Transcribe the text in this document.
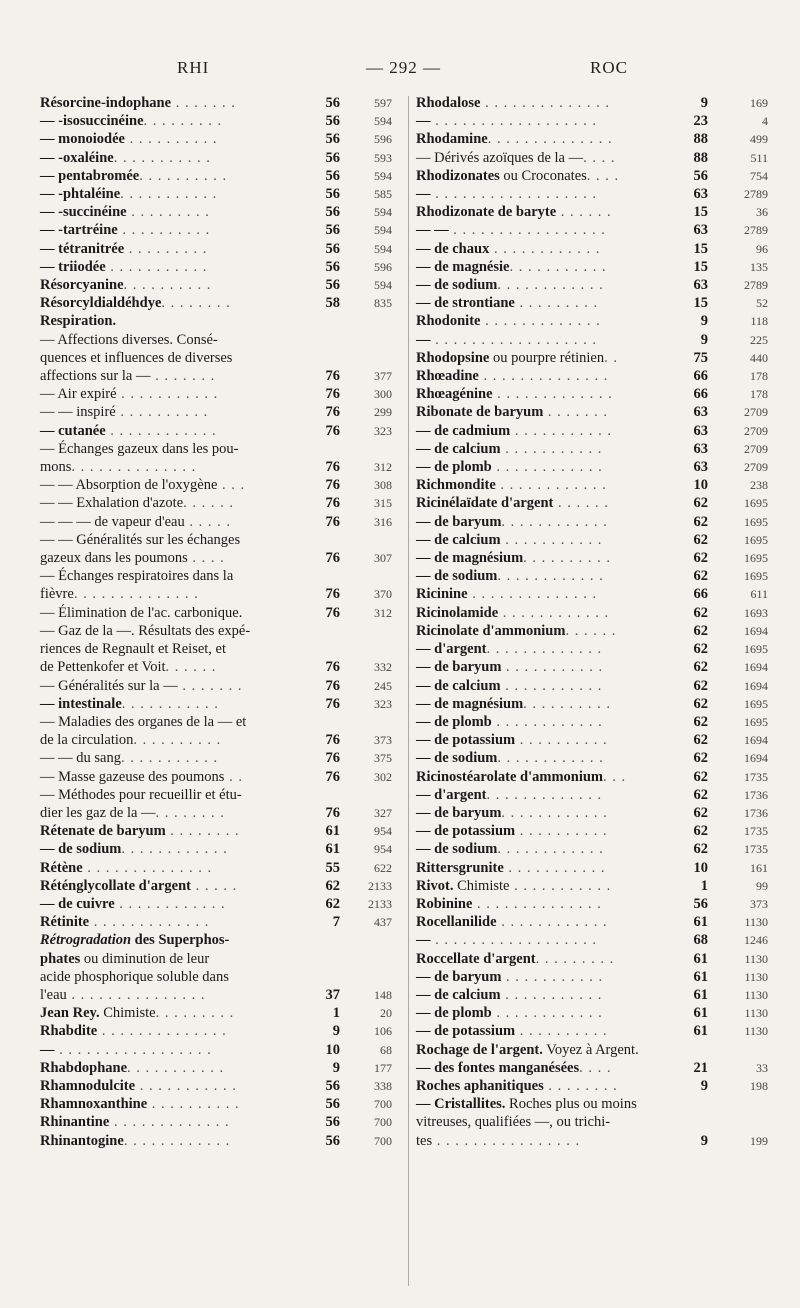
RHI	— 292 —	ROC
Résorcine-indophane . . . . . . .	56	597
— -isosuccinéine. . . . . . . . .	56	594
— monoiodée . . . . . . . . . .	56	596
— -oxaléine. . . . . . . . . . .	56	593
— pentabromée. . . . . . . . . .	56	594
— -phtaléine. . . . . . . . . . .	56	585
— -succinéine . . . . . . . . .	56	594
— -tartréine . . . . . . . . . .	56	594
— tétranitrée . . . . . . . . .	56	594
— triiodée . . . . . . . . . . .	56	596
Résorcyanine. . . . . . . . . .	56	594
Résorcyldialdéhdye. . . . . . . .	58	835
Respiration.
— Affections diverses. Consé-
quences et influences de diverses
affections sur la — . . . . . . .	76	377
— Air expiré . . . . . . . . . . .	76	300
— — inspiré . . . . . . . . . .	76	299
— cutanée . . . . . . . . . . . .	76	323
— Échanges gazeux dans les pou-
mons. . . . . . . . . . . . . .	76	312
— — Absorption de l'oxygène . . .	76	308
— — Exhalation d'azote. . . . . .	76	315
— — — de vapeur d'eau . . . . .	76	316
— — Généralités sur les échanges
gazeux dans les poumons . . . .	76	307
— Échanges respiratoires dans la
fièvre. . . . . . . . . . . . . .	76	370
— Élimination de l'ac. carbonique.	76	312
— Gaz de la —. Résultats des expé-
riences de Regnault et Reiset, et
de Pettenkofer et Voit. . . . . .	76	332
— Généralités sur la — . . . . . . .	76	245
— intestinale. . . . . . . . . . .	76	323
— Maladies des organes de la — et
de la circulation. . . . . . . . . .	76	373
— — du sang. . . . . . . . . . .	76	375
— Masse gazeuse des poumons . .	76	302
— Méthodes pour recueillir et étu-
dier les gaz de la —. . . . . . . .	76	327
Rétenate de baryum . . . . . . . .	61	954
— de sodium. . . . . . . . . . . .	61	954
Rétène . . . . . . . . . . . . . .	55	622
Réténglycollate d'argent . . . . .	62	2133
— de cuivre . . . . . . . . . . . .	62	2133
Rétinite . . . . . . . . . . . . .	7	437
Rétrogradation des Superphos-
phates ou diminution de leur
acide phosphorique soluble dans
l'eau . . . . . . . . . . . . . . .	37	148
Jean Rey. Chimiste. . . . . . . . .	1	20
Rhabdite . . . . . . . . . . . . . .	9	106
— . . . . . . . . . . . . . . . . .	10	68
Rhabdophane. . . . . . . . . . .	9	177
Rhamnodulcite . . . . . . . . . . .	56	338
Rhamnoxanthine . . . . . . . . . .	56	700
Rhinantine . . . . . . . . . . . . .	56	700
Rhinantogine. . . . . . . . . . . .	56	700
Rhodalose . . . . . . . . . . . . . .	9	169
— . . . . . . . . . . . . . . . . . .	23	4
Rhodamine. . . . . . . . . . . . . .	88	499
— Dérivés azoïques de la —. . . .	88	511
Rhodizonates ou Croconates. . . .	56	754
— . . . . . . . . . . . . . . . . . .	63	2789
Rhodizonate de baryte . . . . . .	15	36
— — . . . . . . . . . . . . . . . . .	63	2789
— de chaux . . . . . . . . . . . .	15	96
— de magnésie. . . . . . . . . . .	15	135
— de sodium. . . . . . . . . . . .	63	2789
— de strontiane . . . . . . . . .	15	52
Rhodonite . . . . . . . . . . . . .	9	118
— . . . . . . . . . . . . . . . . . .	9	225
Rhodopsine ou pourpre rétinien. .	75	440
Rhœadine . . . . . . . . . . . . . .	66	178
Rhœagénine . . . . . . . . . . . . .	66	178
Ribonate de baryum . . . . . . .	63	2709
— de cadmium . . . . . . . . . . .	63	2709
— de calcium . . . . . . . . . . .	63	2709
— de plomb . . . . . . . . . . . .	63	2709
Richmondite . . . . . . . . . . . .	10	238
Ricinélaïdate d'argent . . . . . .	62	1695
— de baryum. . . . . . . . . . . .	62	1695
— de calcium . . . . . . . . . . .	62	1695
— de magnésium. . . . . . . . . .	62	1695
— de sodium. . . . . . . . . . . .	62	1695
Ricinine . . . . . . . . . . . . . .	66	611
Ricinolamide . . . . . . . . . . . .	62	1693
Ricinolate d'ammonium. . . . . .	62	1694
— d'argent. . . . . . . . . . . . .	62	1695
— de baryum . . . . . . . . . . .	62	1694
— de calcium . . . . . . . . . . .	62	1694
— de magnésium. . . . . . . . . .	62	1695
— de plomb . . . . . . . . . . . .	62	1695
— de potassium . . . . . . . . . .	62	1694
— de sodium. . . . . . . . . . . .	62	1694
Ricinostéarolate d'ammonium. . .	62	1735
— d'argent. . . . . . . . . . . . .	62	1736
— de baryum. . . . . . . . . . . .	62	1736
— de potassium . . . . . . . . . .	62	1735
— de sodium. . . . . . . . . . . .	62	1735
Rittersgrunite . . . . . . . . . . .	10	161
Rivot. Chimiste . . . . . . . . . . .	1	99
Robinine . . . . . . . . . . . . . .	56	373
Rocellanilide . . . . . . . . . . . .	61	1130
— . . . . . . . . . . . . . . . . . .	68	1246
Roccellate d'argent. . . . . . . . .	61	1130
— de baryum . . . . . . . . . . .	61	1130
— de calcium . . . . . . . . . . .	61	1130
— de plomb . . . . . . . . . . . .	61	1130
— de potassium . . . . . . . . . .	61	1130
Rochage de l'argent. Voyez à Argent.
— des fontes manganésées. . . .	21	33
Roches aphanitiques . . . . . . . .	9	198
— Cristallites. Roches plus ou moins
vitreuses, qualifiées —, ou trichi-
tes . . . . . . . . . . . . . . . .	9	199
